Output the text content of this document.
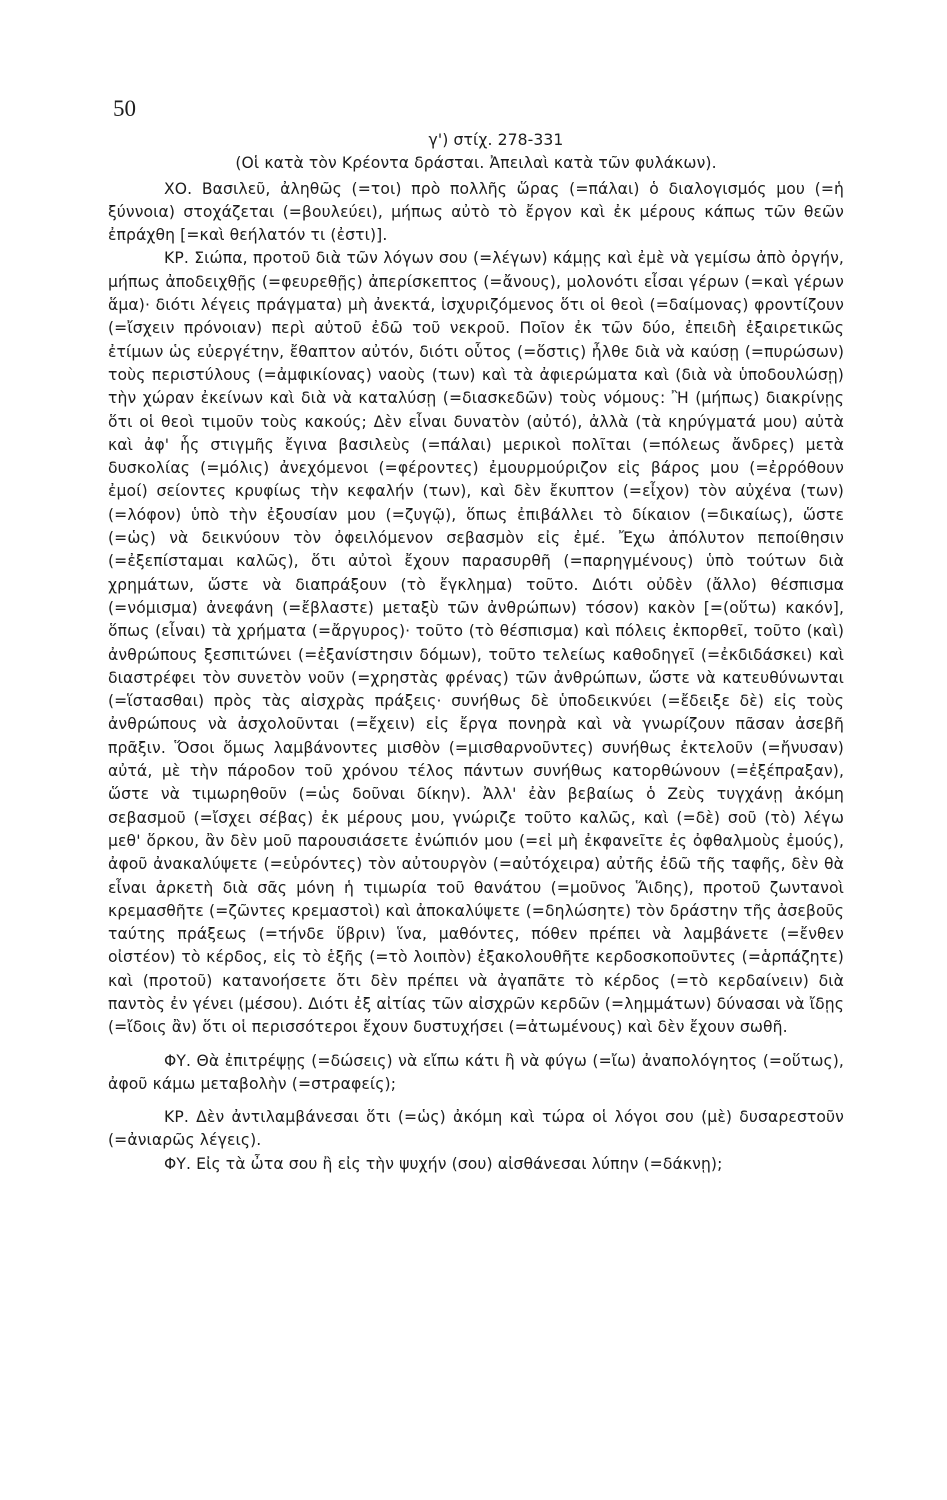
50

γ') στίχ. 278-331

(Οἱ κατὰ τὸν Κρέοντα δράσται. Ἀπειλαὶ κατὰ τῶν φυλάκων).

ΧΟ. Βασιλεῦ, ἀληθῶς (=τοι) πρὸ πολλῆς ὥρας (=πάλαι) ὁ διαλογισμός μου (=ἡ ξύννοια) στοχάζεται (=βουλεύει), μήπως αὐτὸ τὸ ἔργον καὶ ἐκ μέρους κάπως τῶν θεῶν ἐπράχθη [=καὶ θεήλατόν τι (ἐστι)].

ΚΡ. Σιώπα, προτοῦ διὰ τῶν λόγων σου (=λέγων) κάμῃς καὶ ἐμὲ νὰ γεμίσω ἀπὸ ὀργήν, μήπως ἀποδειχθῇς (=φευρεθῇς) ἀπερίσκεπτος (=ἄνους), μολονότι εἶσαι γέρων (=καὶ γέρων ἅμα)· διότι λέγεις πράγματα) μὴ ἀνεκτά, ἰσχυριζόμενος ὅτι οἱ θεοὶ (=δαίμονας) φροντίζουν (=ἴσχειν πρόνοιαν) περὶ αὐτοῦ ἐδῶ τοῦ νεκροῦ. Ποῖον ἐκ τῶν δύο, ἐπειδὴ ἐξαιρετικῶς ἐτίμων ὡς εὐεργέτην, ἔθαπτον αὐτόν, διότι οὗτος (=ὅστις) ἦλθε διὰ νὰ καύσῃ (=πυρώσων) τοὺς περιστύλους (=ἀμφικίονας) ναοὺς (των) καὶ τὰ ἀφιερώματα καὶ (διὰ νὰ ὑποδουλώσῃ) τὴν χώραν ἐκείνων καὶ διὰ νὰ καταλύσῃ (=διασκεδῶν) τοὺς νόμους: Ἢ (μήπως) διακρίνῃς ὅτι οἱ θεοὶ τιμοῦν τοὺς κακούς; Δὲν εἶναι δυνατὸν (αὐτό), ἀλλὰ (τὰ κηρύγματά μου) αὐτὰ καὶ ἀφ' ἧς στιγμῆς ἔγινα βασιλεὺς (=πάλαι) μερικοὶ πολῖται (=πόλεως ἄνδρες) μετὰ δυσκολίας (=μόλις) ἀνεχόμενοι (=φέροντες) ἐμουρμούριζον εἰς βάρος μου (=ἐρρόθουν ἐμοί) σείοντες κρυφίως τὴν κεφαλήν (των), καὶ δὲν ἔκυπτον (=εἶχον) τὸν αὐχένα (των) (=λόφον) ὑπὸ τὴν ἐξουσίαν μου (=ζυγῷ), ὅπως ἐπιβάλλει τὸ δίκαιον (=δικαίως), ὥστε (=ὡς) νὰ δεικνύουν τὸν ὀφειλόμενον σεβασμὸν εἰς ἐμέ. Ἔχω ἀπόλυτον πεποίθησιν (=ἐξεπίσταμαι καλῶς), ὅτι αὐτοὶ ἔχουν παρασυρθῆ (=παρηγμένους) ὑπὸ τούτων διὰ χρημάτων, ὥστε νὰ διαπράξουν (τὸ ἔγκλημα) τοῦτο. Διότι οὐδὲν (ἄλλο) θέσπισμα (=νόμισμα) ἀνεφάνη (=ἔβλαστε) μεταξὺ τῶν ἀνθρώπων) τόσον) κακὸν [=(οὕτω) κακόν], ὅπως (εἶναι) τὰ χρήματα (=ἄργυρος)· τοῦτο (τὸ θέσπισμα) καὶ πόλεις ἐκπορθεῖ, τοῦτο (καὶ) ἀνθρώπους ξεσπιτώνει (=ἐξανίστησιν δόμων), τοῦτο τελείως καθοδηγεῖ (=ἐκδιδάσκει) καὶ διαστρέφει τὸν συνετὸν νοῦν (=χρηστὰς φρένας) τῶν ἀνθρώπων, ὥστε νὰ κατευθύνωνται (=ἵστασθαι) πρὸς τὰς αἰσχρὰς πράξεις· συνήθως δὲ ὑποδεικνύει (=ἔδειξε δὲ) εἰς τοὺς ἀνθρώπους νὰ ἀσχολοῦνται (=ἔχειν) εἰς ἔργα πονηρὰ καὶ νὰ γνωρίζουν πᾶσαν ἀσεβῆ πρᾶξιν. Ὅσοι ὅμως λαμβάνοντες μισθὸν (=μισθαρνοῦντες) συνήθως ἐκτελοῦν (=ἤνυσαν) αὐτά, μὲ τὴν πάροδον τοῦ χρόνου τέλος πάντων συνήθως κατορθώνουν (=ἐξέπραξαν), ὥστε νὰ τιμωρηθοῦν (=ὡς δοῦναι δίκην). Ἀλλ' ἐὰν βεβαίως ὁ Ζεὺς τυγχάνῃ ἀκόμη σεβασμοῦ (=ἴσχει σέβας) ἐκ μέρους μου, γνώριζε τοῦτο καλῶς, καὶ (=δὲ) σοῦ (τὸ) λέγω μεθ' ὅρκου, ἂν δὲν μοῦ παρουσιάσετε ἐνώπιόν μου (=εἰ μὴ ἐκφανεῖτε ἐς ὀφθαλμοὺς ἐμούς), ἀφοῦ ἀνακαλύψετε (=εὑρόντες) τὸν αὐτουργὸν (=αὐτόχειρα) αὐτῆς ἐδῶ τῆς ταφῆς, δὲν θὰ εἶναι ἀρκετὴ διὰ σᾶς μόνη ἡ τιμωρία τοῦ θανάτου (=μοῦνος Ἅιδης), προτοῦ ζωντανοὶ κρεμασθῆτε (=ζῶντες κρεμαστοὶ) καὶ ἀποκαλύψετε (=δηλώσητε) τὸν δράστην τῆς ἀσεβοῦς ταύτης πράξεως (=τήνδε ὕβριν) ἵνα, μαθόντες, πόθεν πρέπει νὰ λαμβάνετε (=ἔνθεν οἰστέον) τὸ κέρδος, εἰς τὸ ἑξῆς (=τὸ λοιπὸν) ἐξακολουθῆτε κερδοσκοποῦντες (=ἁρπάζητε) καὶ (προτοῦ) κατανοήσετε ὅτι δὲν πρέπει νὰ ἀγαπᾶτε τὸ κέρδος (=τὸ κερδαίνειν) διὰ παντὸς ἐν γένει (μέσου). Διότι ἐξ αἰτίας τῶν αἰσχρῶν κερδῶν (=λημμάτων) δύνασαι νὰ ἴδῃς (=ἴδοις ἂν) ὅτι οἱ περισσότεροι ἔχουν δυστυχήσει (=ἀτωμένους) καὶ δὲν ἔχουν σωθῆ.

ΦΥ. Θὰ ἐπιτρέψῃς (=δώσεις) νὰ εἴπω κάτι ἢ νὰ φύγω (=ἴω) ἀναπολόγητος (=οὕτως), ἀφοῦ κάμω μεταβολὴν (=στραφείς);

ΚΡ. Δὲν ἀντιλαμβάνεσαι ὅτι (=ὡς) ἀκόμη καὶ τώρα οἱ λόγοι σου (μὲ) δυσαρεστοῦν (=ἀνιαρῶς λέγεις).

ΦΥ. Εἰς τὰ ὦτα σου ἢ εἰς τὴν ψυχήν (σου) αἰσθάνεσαι λύπην (=δάκνῃ);
